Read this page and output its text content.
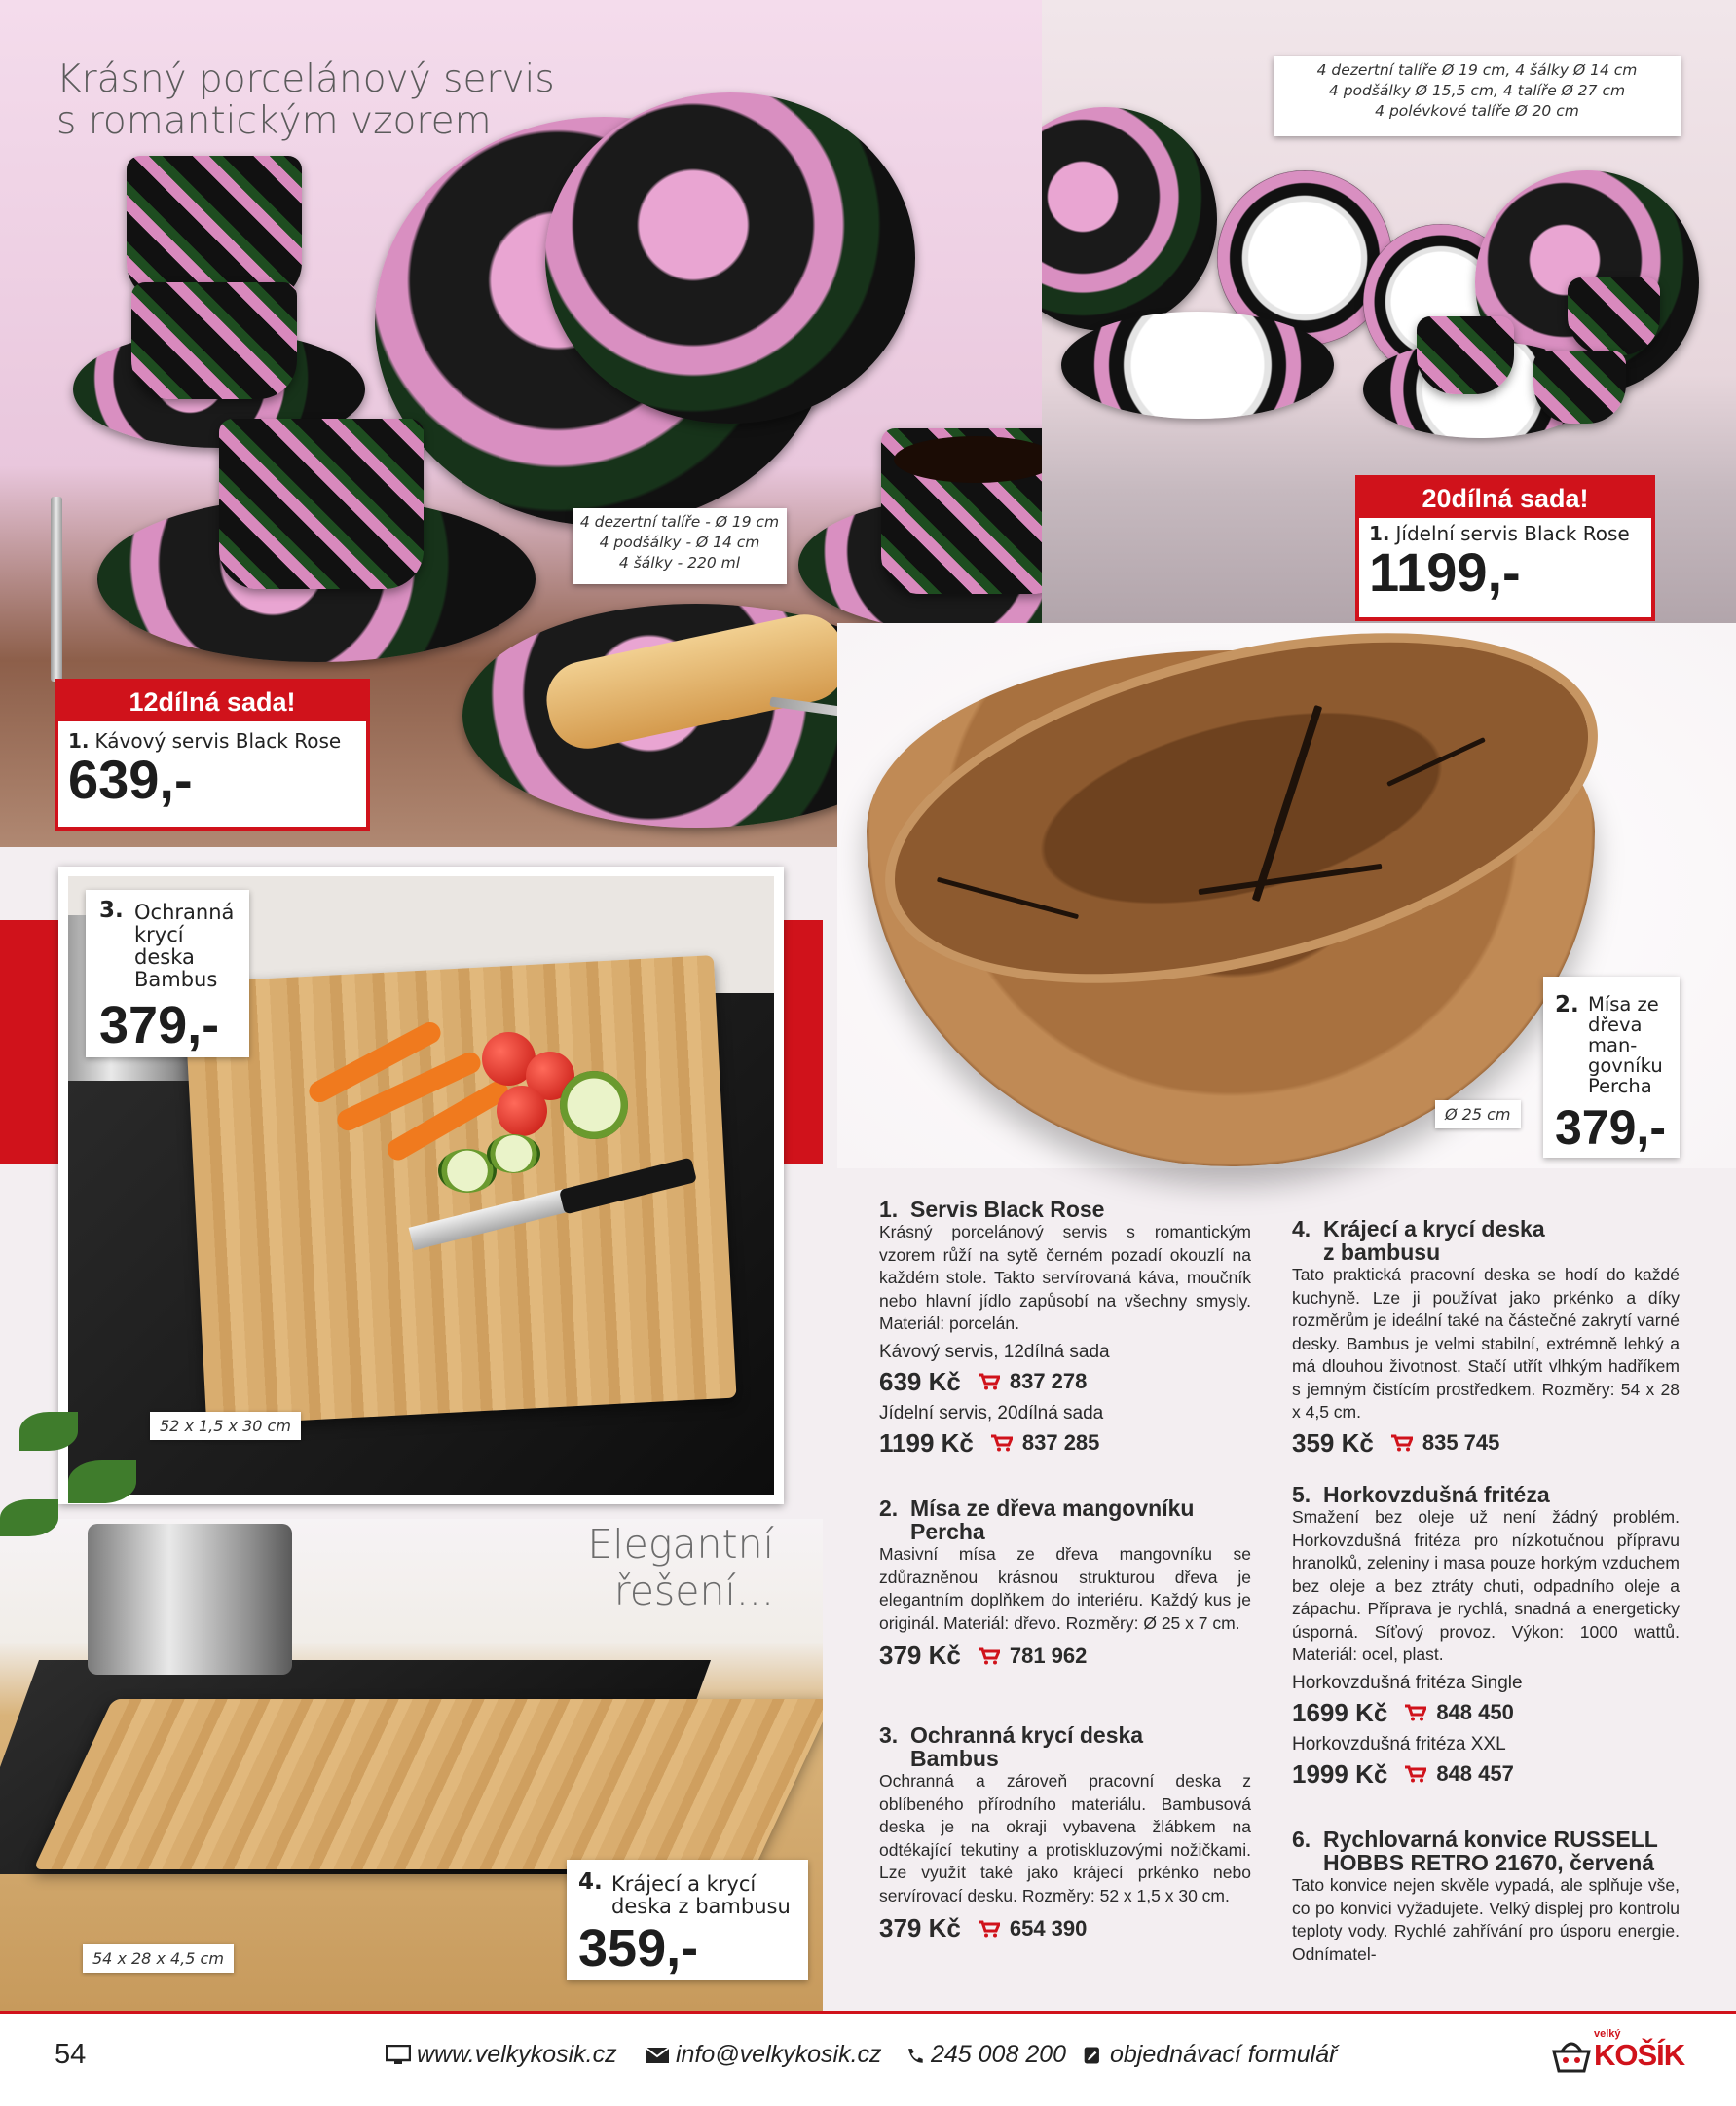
Krásný porcelánový servis
s romantickým vzorem
4 dezertní talíře Ø 19 cm, 4 šálky Ø 14 cm
4 podšálky Ø 15,5 cm, 4 talíře Ø 27 cm
4 polévkové talíře Ø 20 cm
4 dezertní talíře - Ø 19 cm
4 podšálky - Ø 14 cm
4 šálky - 220 ml
20dílná sada!
1. Jídelní servis Black Rose
1199,-
12dílná sada!
1. Kávový servis Black Rose
639,-
3. Ochranná
krycí
deska
Bambus
379,-	2. Mísa ze
dřeva
man-
govníku
Percha
379,-
4. Krájecí a krycí
deska z bambusu
359,-
Ø 25 cm
52 x 1,5 x 30 cm
54 x 28 x 4,5 cm
Elegantní
řešení...
1. Servis Black Rose
Krásný porcelánový servis s romantickým vzorem růží na sytě černém pozadí okouzlí na každém stole. Takto servírovaná káva, moučník nebo hlavní jídlo zapůsobí na všechny smysly. Materiál: porcelán.
Kávový servis, 12dílná sada
639 Kč 837 278
Jídelní servis, 20dílná sada
1199 Kč 837 285
2. Mísa ze dřeva mangovníku
Percha
Masivní mísa ze dřeva mangovníku se zdůrazněnou krásnou strukturou dřeva je elegantním doplňkem do interiéru. Každý kus je originál. Materiál: dřevo. Rozměry: Ø 25 x 7 cm.
379 Kč 781 962
3. Ochranná krycí deska
Bambus
Ochranná a zároveň pracovní deska z oblíbeného přírodního materiálu. Bambusová deska je na okraji vybavena žlábkem na odtékající tekutiny a protiskluzovými nožičkami. Lze využít také jako krájecí prkénko nebo servírovací desku. Rozměry: 52 x 1,5 x 30 cm.
379 Kč 654 390
4. Krájecí a krycí deska
z bambusu
Tato praktická pracovní deska se hodí do každé kuchyně. Lze ji používat jako prkénko a díky rozměrům je ideální také na částečné zakrytí varné desky. Bambus je velmi stabilní, extrémně lehký a má dlouhou životnost. Stačí utřít vlhkým hadříkem s jemným čistícím prostředkem. Rozměry: 54 x 28 x 4,5 cm.
359 Kč 835 745
5. Horkovzdušná fritéza
Smažení bez oleje už není žádný problém. Horkovzdušná fritéza pro nízkotučnou přípravu hranolků, zeleniny i masa pouze horkým vzduchem bez oleje a bez ztráty chuti, odpadního oleje a zápachu. Příprava je rychlá, snadná a energeticky úsporná. Síťový provoz. Výkon: 1000 wattů. Materiál: ocel, plast.
Horkovzdušná fritéza Single
1699 Kč 848 450
Horkovzdušná fritéza XXL
1999 Kč 848 457
6. Rychlovarná konvice RUSSELL
HOBBS RETRO 21670, červená
Tato konvice nejen skvěle vypadá, ale splňuje vše, co po konvici vyžadujete. Velký displej pro kontrolu teploty vody. Rychlé zahřívání pro úsporu energie. Odnímatel-
54	www.velkykosik.cz info@velkykosik.cz 245 008 200 objednávací formulář
velký
KOŠÍK
